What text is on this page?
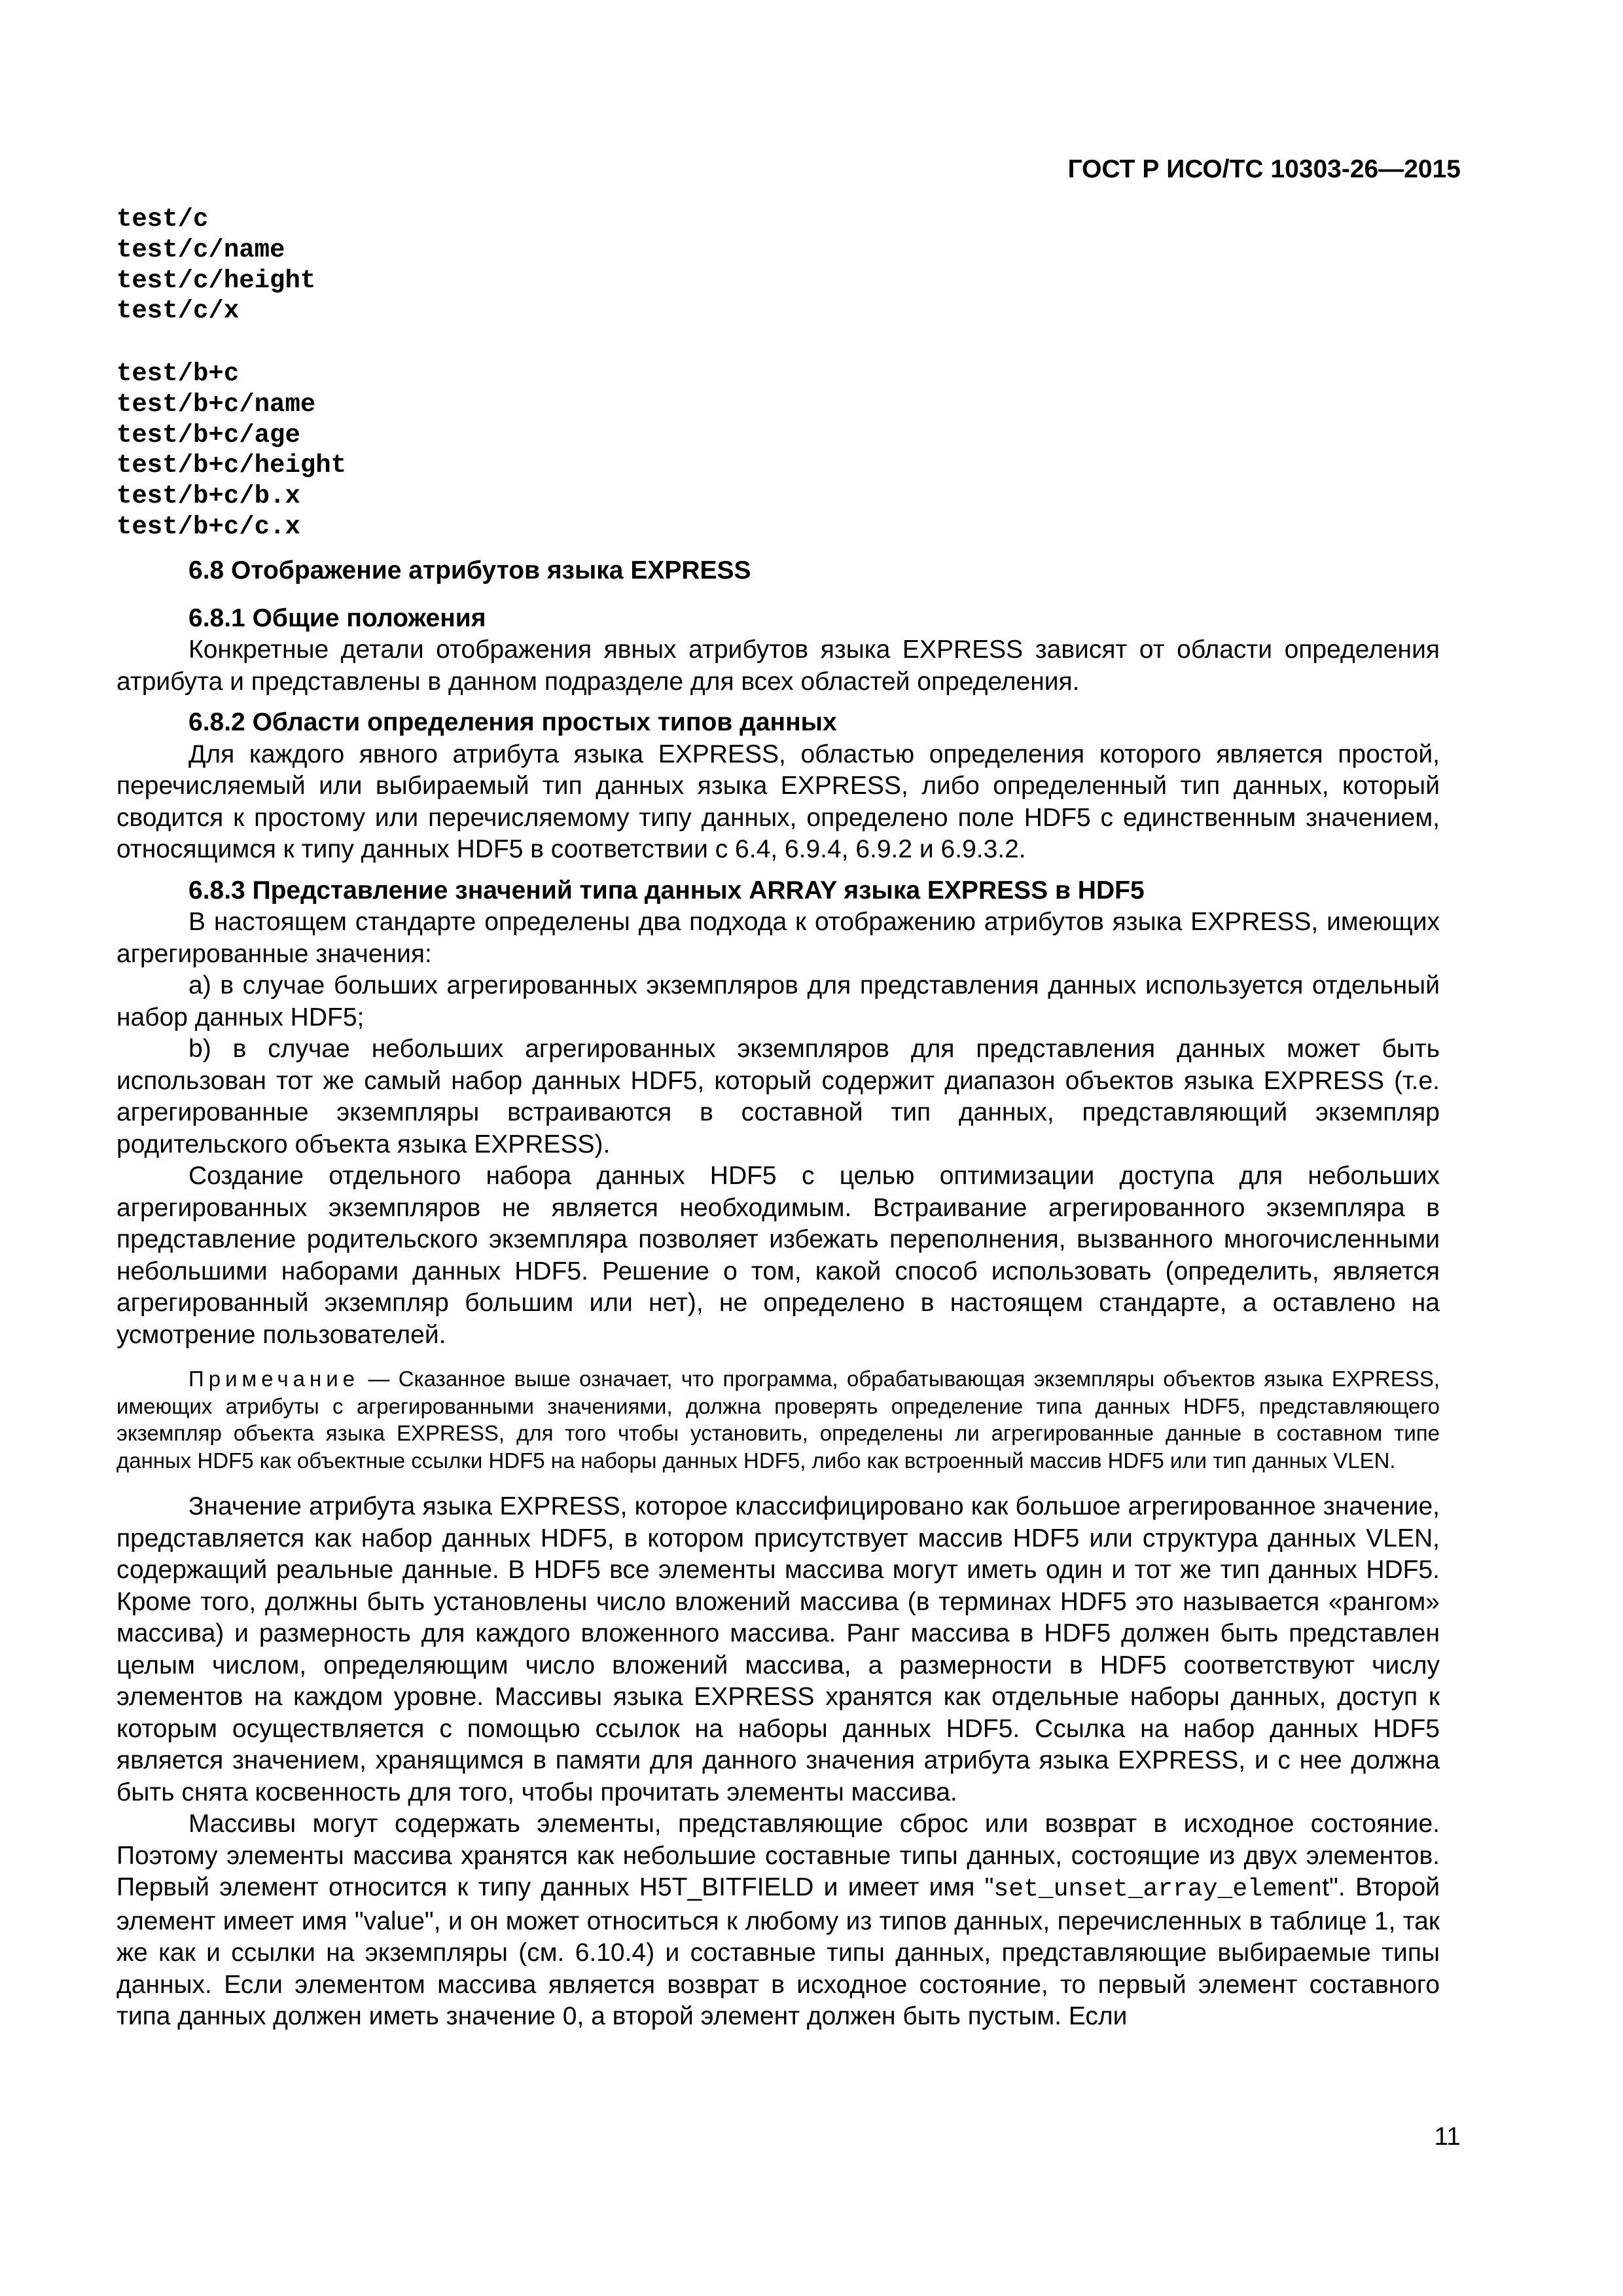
ГОСТ Р ИСО/ТС 10303-26—2015
test/c
test/c/name
test/c/height
test/c/x
test/b+c
test/b+c/name
test/b+c/age
test/b+c/height
test/b+c/b.x
test/b+c/c.x

6.8 Отображение атрибутов языка EXPRESS

6.8.1 Общие положения

Конкретные детали отображения явных атрибутов языка EXPRESS зависят от области определения атрибута и представлены в данном подразделе для всех областей определения.

6.8.2 Области определения простых типов данных

Для каждого явного атрибута языка EXPRESS, областью определения которого является простой, перечисляемый или выбираемый тип данных языка EXPRESS, либо определенный тип данных, который сводится к простому или перечисляемому типу данных, определено поле HDF5 с единственным значением, относящимся к типу данных HDF5 в соответствии с 6.4, 6.9.4, 6.9.2 и 6.9.3.2.

6.8.3 Представление значений типа данных ARRAY языка EXPRESS в HDF5

В настоящем стандарте определены два подхода к отображению атрибутов языка EXPRESS, имеющих агрегированные значения:

a) в случае больших агрегированных экземпляров для представления данных используется отдельный набор данных HDF5;

b) в случае небольших агрегированных экземпляров для представления данных может быть использован тот же самый набор данных HDF5, который содержит диапазон объектов языка EXPRESS (т.е. агрегированные экземпляры встраиваются в составной тип данных, представляющий экземпляр родительского объекта языка EXPRESS).

Создание отдельного набора данных HDF5 с целью оптимизации доступа для небольших агрегированных экземпляров не является необходимым. Встраивание агрегированного экземпляра в представление родительского экземпляра позволяет избежать переполнения, вызванного многочисленными небольшими наборами данных HDF5. Решение о том, какой способ использовать (определить, является агрегированный экземпляр большим или нет), не определено в настоящем стандарте, а оставлено на усмотрение пользователей.

Примечание — Сказанное выше означает, что программа, обрабатывающая экземпляры объектов языка EXPRESS, имеющих атрибуты с агрегированными значениями, должна проверять определение типа данных HDF5, представляющего экземпляр объекта языка EXPRESS, для того чтобы установить, определены ли агрегированные данные в составном типе данных HDF5 как объектные ссылки HDF5 на наборы данных HDF5, либо как встроенный массив HDF5 или тип данных VLEN.

Значение атрибута языка EXPRESS, которое классифицировано как большое агрегированное значение, представляется как набор данных HDF5, в котором присутствует массив HDF5 или структура данных VLEN, содержащий реальные данные. В HDF5 все элементы массива могут иметь один и тот же тип данных HDF5. Кроме того, должны быть установлены число вложений массива (в терминах HDF5 это называется «рангом» массива) и размерность для каждого вложенного массива. Ранг массива в HDF5 должен быть представлен целым числом, определяющим число вложений массива, а размерности в HDF5 соответствуют числу элементов на каждом уровне. Массивы языка EXPRESS хранятся как отдельные наборы данных, доступ к которым осуществляется с помощью ссылок на наборы данных HDF5. Ссылка на набор данных HDF5 является значением, хранящимся в памяти для данного значения атрибута языка EXPRESS, и с нее должна быть снята косвенность для того, чтобы прочитать элементы массива.

Массивы могут содержать элементы, представляющие сброс или возврат в исходное состояние. Поэтому элементы массива хранятся как небольшие составные типы данных, состоящие из двух элементов. Первый элемент относится к типу данных H5T_BITFIELD и имеет имя "set_unset_array_element". Второй элемент имеет имя "value", и он может относиться к любому из типов данных, перечисленных в таблице 1, так же как и ссылки на экземпляры (см. 6.10.4) и составные типы данных, представляющие выбираемые типы данных. Если элементом массива является возврат в исходное состояние, то первый элемент составного типа данных должен иметь значение 0, а второй элемент должен быть пустым. Если

11
